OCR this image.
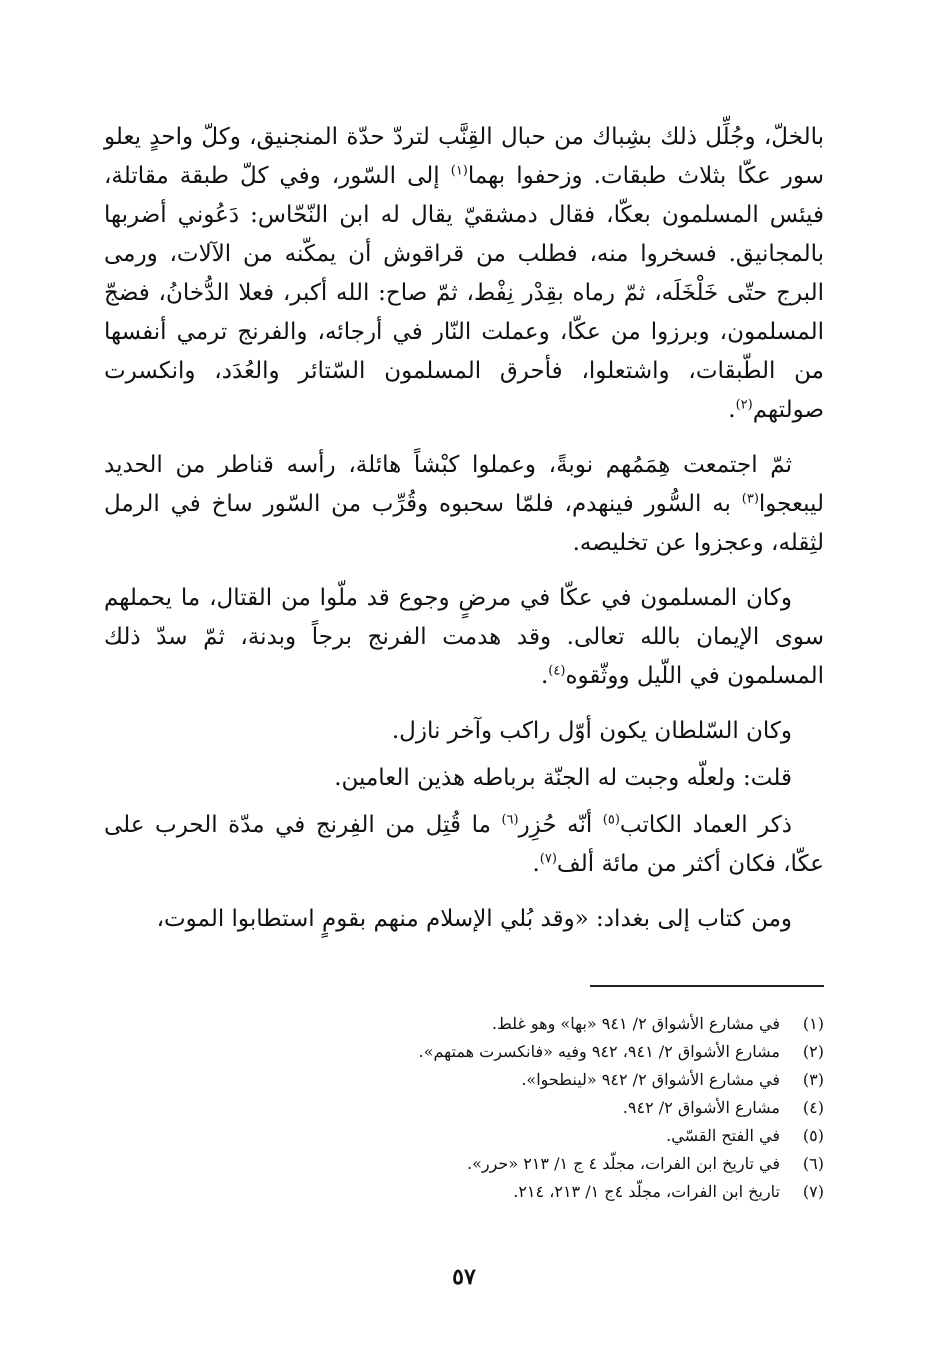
بالخلّ، وجُلِّل ذلك بشِباك من حبال القِنَّب لتردّ حدّة المنجنيق، وكلّ واحدٍ يعلو سور عكّا بثلاث طبقات. وزحفوا بهما$^{(١)}$ إلى السّور، وفي كلّ طبقة مقاتلة، فيئس المسلمون بعكّا، فقال دمشقيّ يقال له ابن النّحّاس: دَعُوني أضربها بالمجانيق. فسخروا منه، فطلب من قراقوش أن يمكّنه من الآلات، ورمى البرج حتّى خَلْخَلَه، ثمّ رماه بقِدْر نِفْط، ثمّ صاح: الله أكبر، فعلا الدُّخانُ، فضجّ المسلمون، وبرزوا من عكّا، وعملت النّار في أرجائه، والفرنج ترمي أنفسها من الطّبقات، واشتعلوا، فأحرق المسلمون السّتائر والعُدَد، وانكسرت صولتهم$^{(٢)}$.

ثمّ اجتمعت هِمَمُهم نوبةً، وعملوا كبْشاً هائلة، رأسه قناطر من الحديد ليبعجوا$^{(٣)}$ به السُّور فينهدم، فلمّا سحبوه وقُرِّب من السّور ساخ في الرمل لثِقله، وعجزوا عن تخليصه.

وكان المسلمون في عكّا في مرضٍ وجوع قد ملّوا من القتال، ما يحملهم سوى الإيمان بالله تعالى. وقد هدمت الفرنج برجاً وبدنة، ثمّ سدّ ذلك المسلمون في اللّيل ووثّقوه$^{(٤)}$.

وكان السّلطان يكون أوّل راكب وآخر نازل.

قلت: ولعلّه وجبت له الجنّة برباطه هذين العامين.

ذكر العماد الكاتب$^{(٥)}$ أنّه حُزِر$^{(٦)}$ ما قُتِل من الفِرنج في مدّة الحرب على عكّا، فكان أكثر من مائة ألف$^{(٧)}$.

ومن كتاب إلى بغداد: «وقد بُلي الإسلام منهم بقومٍ استطابوا الموت،

(١)
في مشارع الأشواق ٢/ ٩٤١ «بها» وهو غلط.
(٢)
مشارع الأشواق ٢/ ٩٤١، ٩٤٢ وفيه «فانكسرت همتهم».
(٣)
في مشارع الأشواق ٢/ ٩٤٢ «لينطحوا».
(٤)
مشارع الأشواق ٢/ ٩٤٢.
(٥)
في الفتح القسّي.
(٦)
في تاريخ ابن الفرات، مجلّد ٤ ج ١/ ٢١٣ «حرر».
(٧)
تاريخ ابن الفرات، مجلّد ٤ج ١/ ٢١٣، ٢١٤.
٥٧
